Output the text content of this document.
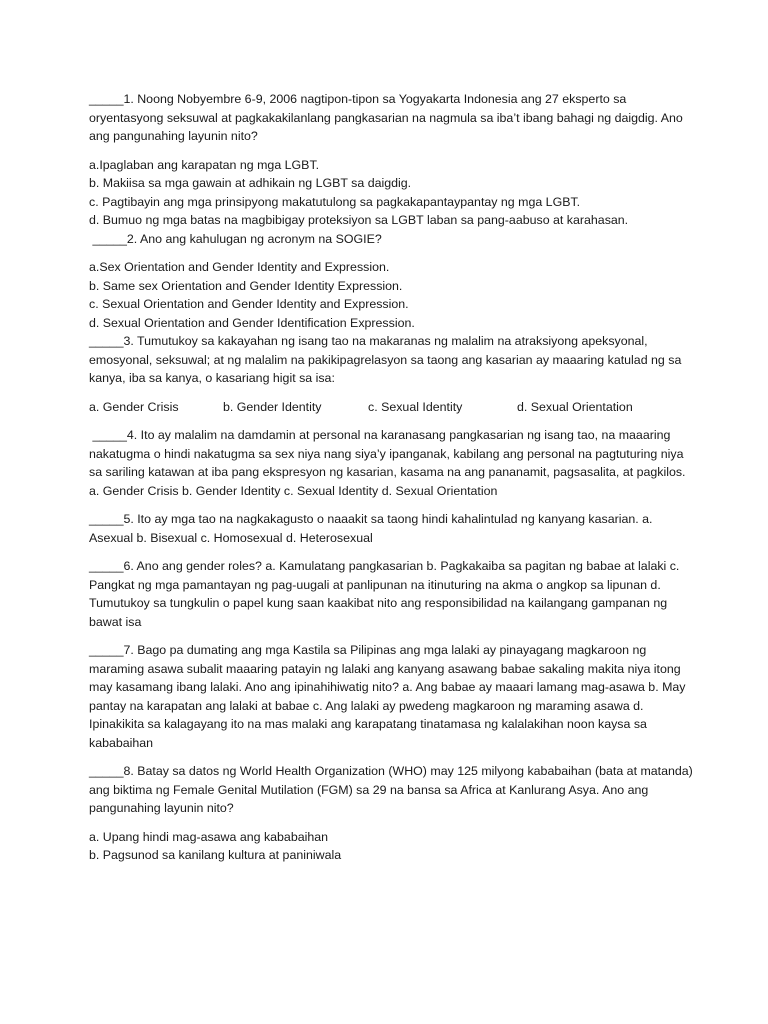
_____1. Noong Nobyembre 6-9, 2006 nagtipon-tipon sa Yogyakarta Indonesia ang 27 eksperto sa oryentasyong seksuwal at pagkakakilanlang pangkasarian na nagmula sa iba’t ibang bahagi ng daigdig. Ano ang pangunahing layunin nito?

a.Ipaglaban ang karapatan ng mga LGBT.
b. Makiisa sa mga gawain at adhikain ng LGBT sa daigdig.
c. Pagtibayin ang mga prinsipyong makatutulong sa pagkakapantaypantay ng mga LGBT.
d. Bumuo ng mga batas na magbibigay proteksiyon sa LGBT laban sa pang-aabuso at karahasan.

_____2. Ano ang kahulugan ng acronym na SOGIE?

a.Sex Orientation and Gender Identity and Expression.
b. Same sex Orientation and Gender Identity Expression.
c. Sexual Orientation and Gender Identity and Expression.
d. Sexual Orientation and Gender Identification Expression.

_____3. Tumutukoy sa kakayahan ng isang tao na makaranas ng malalim na atraksiyong apeksyonal, emosyonal, seksuwal; at ng malalim na pakikipagrelasyon sa taong ang kasarian ay maaaring katulad ng sa kanya, iba sa kanya, o kasariang higit sa isa:

a. Gender Crisis	b. Gender Identity	c. Sexual Identity	d. Sexual Orientation

_____4. Ito ay malalim na damdamin at personal na karanasang pangkasarian ng isang tao, na maaaring nakatugma o hindi nakatugma sa sex niya nang siya’y ipanganak, kabilang ang personal na pagtuturing niya sa sariling katawan at iba pang ekspresyon ng kasarian, kasama na ang pananamit, pagsasalita, at pagkilos. a. Gender Crisis b. Gender Identity c. Sexual Identity d. Sexual Orientation

_____5. Ito ay mga tao na nagkakagusto o naaakit sa taong hindi kahalintulad ng kanyang kasarian. a. Asexual b. Bisexual c. Homosexual d. Heterosexual

_____6. Ano ang gender roles? a. Kamulatang pangkasarian b. Pagkakaiba sa pagitan ng babae at lalaki c. Pangkat ng mga pamantayan ng pag-uugali at panlipunan na itinuturing na akma o angkop sa lipunan d. Tumutukoy sa tungkulin o papel kung saan kaakibat nito ang responsibilidad na kailangang gampanan ng bawat isa

_____7. Bago pa dumating ang mga Kastila sa Pilipinas ang mga lalaki ay pinayagang magkaroon ng maraming asawa subalit maaaring patayin ng lalaki ang kanyang asawang babae sakaling makita niya itong may kasamang ibang lalaki. Ano ang ipinahihiwatig nito? a. Ang babae ay maaari lamang mag-asawa b. May pantay na karapatan ang lalaki at babae c. Ang lalaki ay pwedeng magkaroon ng maraming asawa d. Ipinakikita sa kalagayang ito na mas malaki ang karapatang tinatamasa ng kalalakihan noon kaysa sa kababaihan

_____8. Batay sa datos ng World Health Organization (WHO) may 125 milyong kababaihan (bata at matanda) ang biktima ng Female Genital Mutilation (FGM) sa 29 na bansa sa Africa at Kanlurang Asya. Ano ang pangunahing layunin nito?

a. Upang hindi mag-asawa ang kababaihan
b. Pagsunod sa kanilang kultura at paniniwala
